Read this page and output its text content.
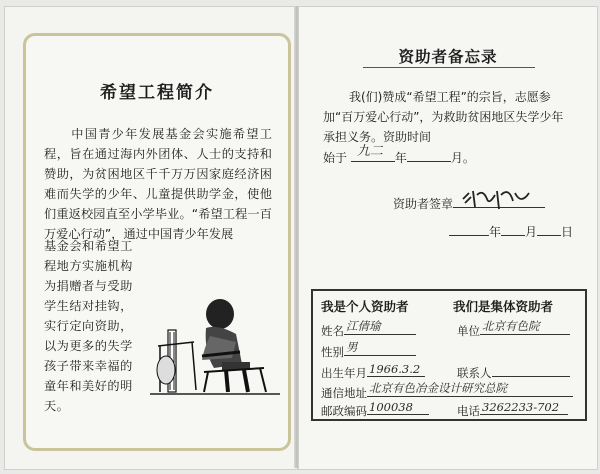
希望工程简介
中国青少年发展基金会实施希望工程，旨在通过海内外团体、人士的支持和赞助，为贫困地区千千万万因家庭经济困难而失学的少年、儿童提供助学金，使他们重返校园直至小学毕业。“希望工程一百万爱心行动”，通过中国青少年发展
基金会和希望工
程地方实施机构
为捐赠者与受助
学生结对挂钩，
实行定向资助，
以为更多的失学
孩子带来幸福的
童年和美好的明
天。
资助者备忘录
我(们)赞成“希望工程”的宗旨，志愿参加“百万爱心行动”，为救助贫困地区失学少年承担义务。资助时间
始于 九二 年	月。
资助者签章
年 月 日
我是个人资助者	我们是集体资助者
姓名 江倩瑜	单位 北京有色院
性别 男
出生年月 1966.3.2	联系人
通信地址 北京有色冶金设计研究总院
邮政编码 100038	电话 3262233-702
